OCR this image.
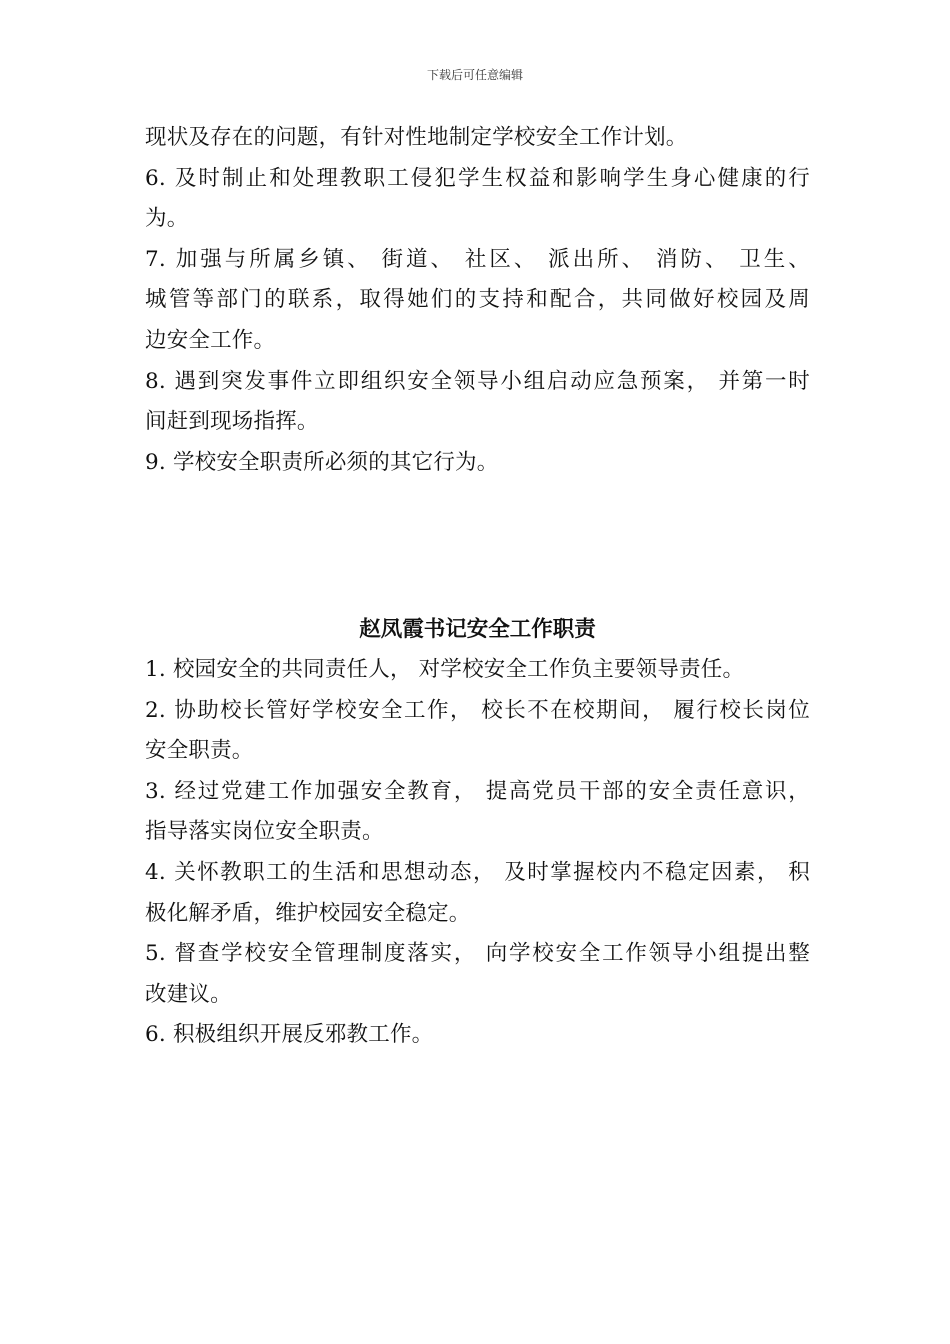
下载后可任意编辑
现状及存在的问题，有针对性地制定学校安全工作计划。
6. 及时制止和处理教职工侵犯学生权益和影响学生身心健康的行
为。
7. 加强与所属乡镇、 街道、 社区、 派出所、 消防、 卫生、
城管等部门的联系，取得她们的支持和配合，共同做好校园及周
边安全工作。
8. 遇到突发事件立即组织安全领导小组启动应急预案， 并第一时
间赶到现场指挥。
9. 学校安全职责所必须的其它行为。
赵凤霞书记安全工作职责
1. 校园安全的共同责任人， 对学校安全工作负主要领导责任。
2. 协助校长管好学校安全工作， 校长不在校期间， 履行校长岗位
安全职责。
3. 经过党建工作加强安全教育， 提高党员干部的安全责任意识，
指导落实岗位安全职责。
4. 关怀教职工的生活和思想动态， 及时掌握校内不稳定因素， 积
极化解矛盾，维护校园安全稳定。
5. 督查学校安全管理制度落实， 向学校安全工作领导小组提出整
改建议。
6. 积极组织开展反邪教工作。
